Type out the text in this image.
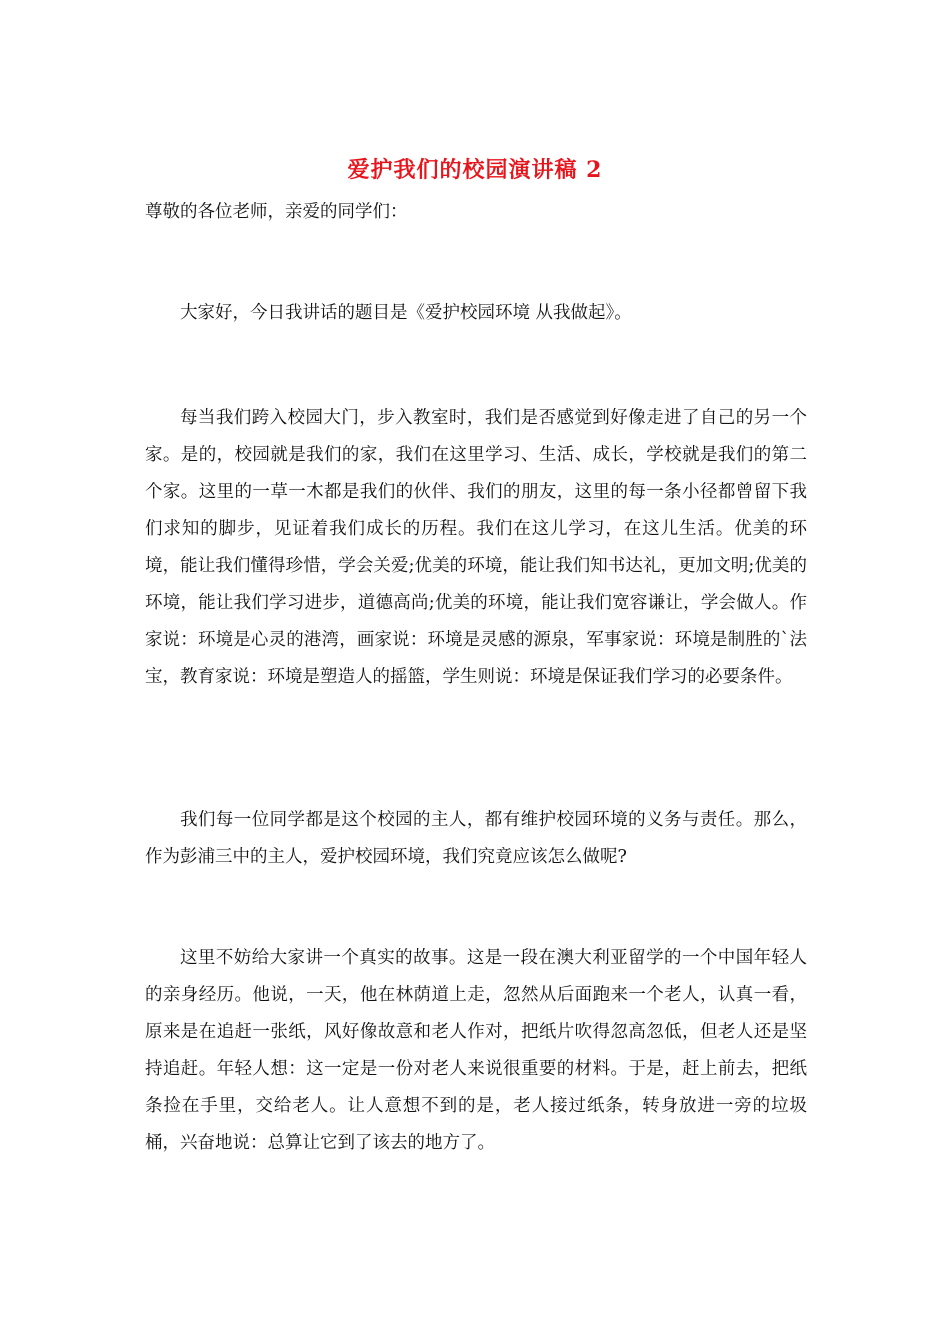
爱护我们的校园演讲稿 2
尊敬的各位老师，亲爱的同学们：

大家好，今日我讲话的题目是《爱护校园环境 从我做起》。

每当我们跨入校园大门，步入教室时，我们是否感觉到好像走进了自己的另一个家。是的，校园就是我们的家，我们在这里学习、生活、成长，学校就是我们的第二个家。这里的一草一木都是我们的伙伴、我们的朋友，这里的每一条小径都曾留下我们求知的脚步，见证着我们成长的历程。我们在这儿学习，在这儿生活。优美的环境，能让我们懂得珍惜，学会关爱;优美的环境，能让我们知书达礼，更加文明;优美的环境，能让我们学习进步，道德高尚;优美的环境，能让我们宽容谦让，学会做人。作家说：环境是心灵的港湾，画家说：环境是灵感的源泉，军事家说：环境是制胜的`法宝，教育家说：环境是塑造人的摇篮，学生则说：环境是保证我们学习的必要条件。

我们每一位同学都是这个校园的主人，都有维护校园环境的义务与责任。那么，作为彭浦三中的主人，爱护校园环境，我们究竟应该怎么做呢?

这里不妨给大家讲一个真实的故事。这是一段在澳大利亚留学的一个中国年轻人的亲身经历。他说，一天，他在林荫道上走，忽然从后面跑来一个老人，认真一看，原来是在追赶一张纸，风好像故意和老人作对，把纸片吹得忽高忽低，但老人还是坚持追赶。年轻人想：这一定是一份对老人来说很重要的材料。于是，赶上前去，把纸条捡在手里，交给老人。让人意想不到的是，老人接过纸条，转身放进一旁的垃圾桶，兴奋地说：总算让它到了该去的地方了。
